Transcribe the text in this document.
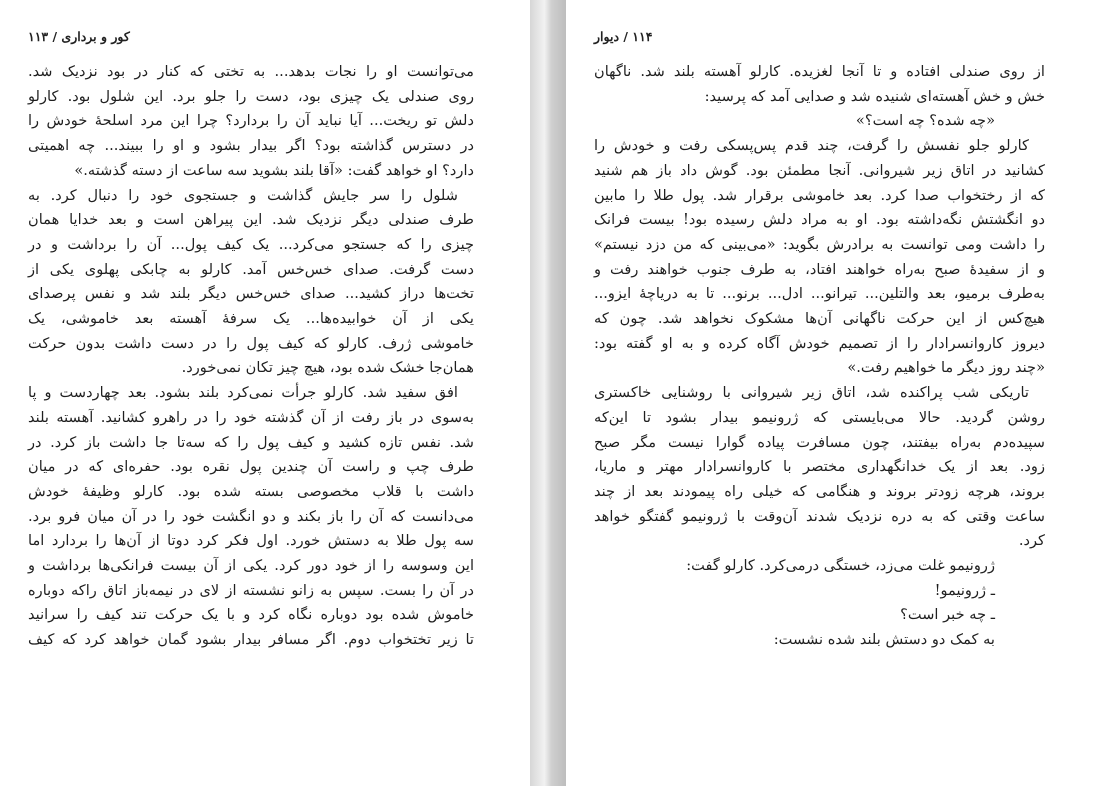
کور و برداری / ۱۱۳
می‌توانست او را نجات بدهد... به تختی که کنار در بود نزدیک شد.
روی صندلی یک چیزی بود، دست را جلو برد. این شلول بود. کارلو
دلش تو ریخت... آیا نباید آن را بردارد؟ چرا این مرد اسلحهٔ خودش را
در دسترس گذاشته بود؟ اگر بیدار بشود و او را ببیند... چه اهمیتی
دارد؟ او خواهد گفت: «آقا بلند بشوید سه ساعت از دسته گذشته.»
شلول را سر جایش گذاشت و جستجوی خود را دنبال کرد. به
طرف صندلی دیگر نزدیک شد. این پیراهن است و بعد خدایا همان
چیزی را که جستجو می‌کرد... یک کیف پول... آن را برداشت و در
دست گرفت. صدای خس‌خس آمد. کارلو به چابکی پهلوی یکی از
تخت‌ها دراز کشید... صدای خس‌خس دیگر بلند شد و نفس پرصدای
یکی از آن خوابیده‌ها... یک سرفهٔ آهسته بعد خاموشی، یک
خاموشی ژرف. کارلو که کیف پول را در دست داشت بدون حرکت
همان‌جا خشک شده بود، هیچ چیز تکان نمی‌خورد.
افق سفید شد. کارلو جرأت نمی‌کرد بلند بشود. بعد چهاردست و پا
به‌سوی در باز رفت از آن گذشته خود را در راهرو کشانید. آهسته بلند
شد. نفس تازه کشید و کیف پول را که سه‌تا جا داشت باز کرد. در
طرف چپ و راست آن چندین پول نقره بود. حفره‌ای که در میان
داشت با قلاب مخصوصی بسته شده بود. کارلو وظیفهٔ خودش
می‌دانست که آن را باز بکند و دو انگشت خود را در آن میان فرو برد.
سه پول طلا به دستش خورد. اول فکر کرد دوتا از آن‌ها را بردارد اما
این وسوسه را از خود دور کرد. یکی از آن بیست فرانکی‌ها برداشت و
در آن را بست. سپس به زانو نشسته از لای در نیمه‌باز اتاق راکه دوباره
خاموش شده بود دوباره نگاه کرد و با یک حرکت تند کیف را سرانید
تا زیر تختخواب دوم. اگر مسافر بیدار بشود گمان خواهد کرد که کیف
۱۱۴ / دیوار
از روی صندلی افتاده و تا آنجا لغزیده. کارلو آهسته بلند شد. ناگهان
خش و خش آهسته‌ای شنیده شد و صدایی آمد که پرسید:
«چه شده؟ چه است؟»
کارلو جلو نفسش را گرفت، چند قدم پس‌پسکی رفت و خودش را
کشانید در اتاق زیر شیروانی. آنجا مطمئن بود. گوش داد باز هم شنید
که از رختخواب صدا کرد. بعد خاموشی برقرار شد. پول طلا را مابین
دو انگشتش نگه‌داشته بود. او به مراد دلش رسیده بود! بیست فرانک
را داشت ومی توانست به برادرش بگوید: «می‌بینی که من دزد نیستم»
و از سفیدهٔ صبح به‌راه خواهند افتاد، به طرف جنوب خواهند رفت و
به‌طرف برمیو، بعد والتلین... تیرانو... ادل... برنو... تا به دریاچهٔ ایزو...
هیچ‌کس از این حرکت ناگهانی آن‌ها مشکوک نخواهد شد. چون که
دیروز کاروانسرادار را از تصمیم خودش آگاه کرده و به او گفته بود:
«چند روز دیگر ما خواهیم رفت.»
تاریکی شب پراکنده شد، اتاق زیر شیروانی با روشنایی خاکستری
روشن گردید. حالا می‌بایستی که ژرونیمو بیدار بشود تا این‌که
سپیده‌دم به‌راه بیفتند، چون مسافرت پیاده گوارا نیست مگر صبح
زود. بعد از یک خدانگهداری مختصر با کاروانسرادار مهتر و ماریا،
بروند، هرچه زودتر بروند و هنگامی که خیلی راه پیمودند بعد از چند
ساعت وقتی که به دره نزدیک شدند آن‌وقت با ژرونیمو گفتگو خواهد
کرد.
ژرونیمو غلت می‌زد، خستگی درمی‌کرد. کارلو گفت:
ـ ژرونیمو!
ـ چه خبر است؟
به کمک دو دستش بلند شده نشست:
